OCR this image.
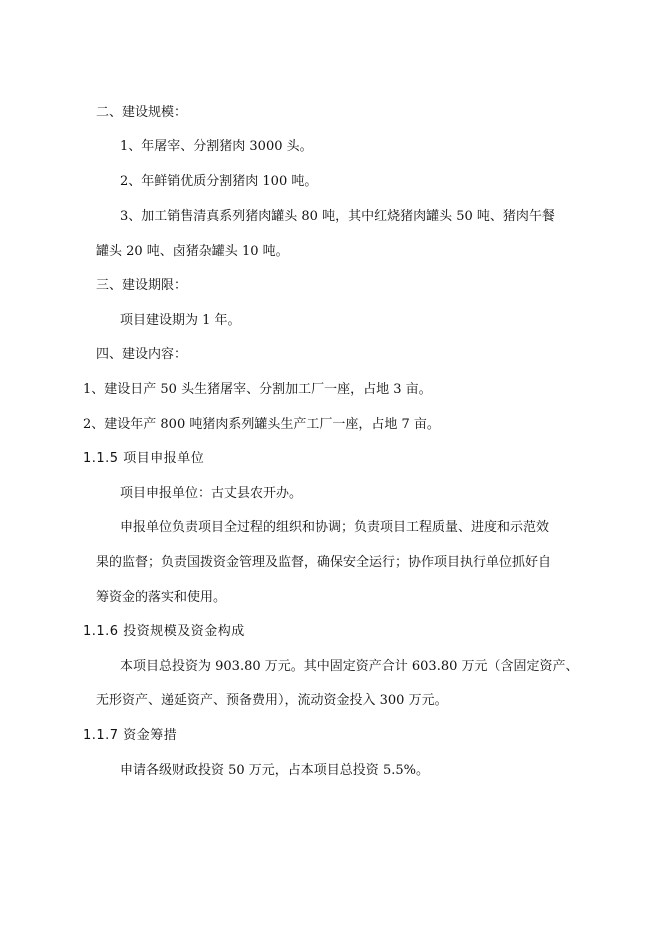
二、建设规模：
1、年屠宰、分割猪肉 3000 头。
2、年鲜销优质分割猪肉 100 吨。
3、加工销售清真系列猪肉罐头 80 吨，其中红烧猪肉罐头 50 吨、猪肉午餐
罐头 20 吨、卤猪杂罐头 10 吨。
三、建设期限：
项目建设期为 1 年。
四、建设内容：
1、建设日产 50 头生猪屠宰、分割加工厂一座，占地 3 亩。
2、建设年产 800 吨猪肉系列罐头生产工厂一座，占地 7 亩。
1.1.5 项目申报单位
项目申报单位：古丈县农开办。
申报单位负责项目全过程的组织和协调；负责项目工程质量、进度和示范效
果的监督；负责国拨资金管理及监督，确保安全运行；协作项目执行单位抓好自
筹资金的落实和使用。
1.1.6 投资规模及资金构成
本项目总投资为 903.80 万元。其中固定资产合计 603.80 万元（含固定资产、
无形资产、递延资产、预备费用），流动资金投入 300 万元。
1.1.7 资金筹措
申请各级财政投资 50 万元，占本项目总投资 5.5%。
